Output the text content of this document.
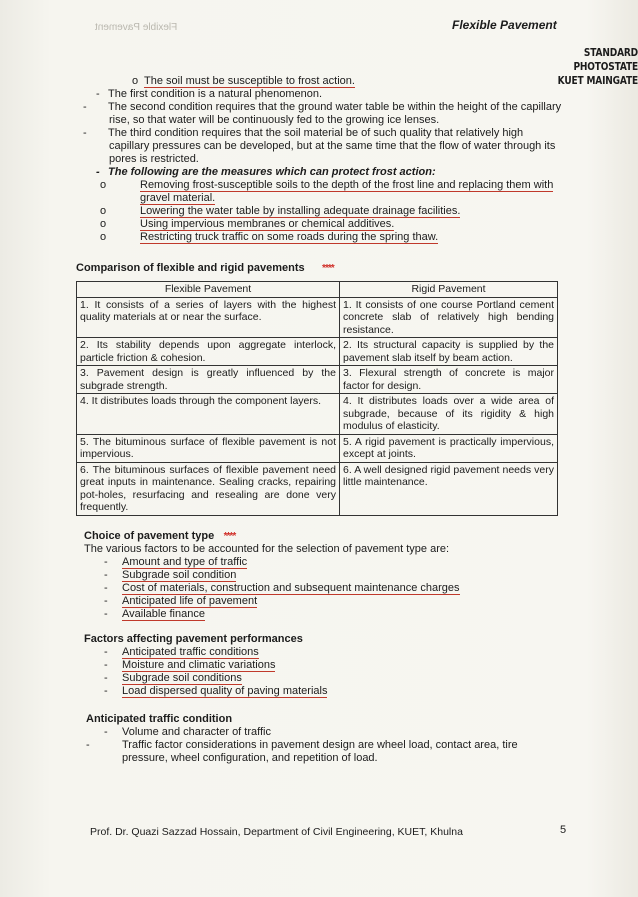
Flexible Pavement	Flexible Pavement
STANDARD PHOTOSTATE
KUET MAINGATE
o The soil must be susceptible to frost action.
- The first condition is a natural phenomenon.
- The second condition requires that the ground water table be within the height of the capillary rise, so that water will be continuously fed to the growing ice lenses.
- The third condition requires that the soil material be of such quality that relatively high capillary pressures can be developed, but at the same time that the flow of water through its pores is restricted.
- The following are the measures which can protect frost action:
o	Removing frost-susceptible soils to the depth of the frost line and replacing them with gravel material.
o	Lowering the water table by installing adequate drainage facilities.
o	Using impervious membranes or chemical additives.
o	Restricting truck traffic on some roads during the spring thaw.
Comparison of flexible and rigid pavements ****
Flexible Pavement	Rigid Pavement
1. It consists of a series of layers with the highest quality materials at or near the surface.	1. It consists of one course Portland cement concrete slab of relatively high bending resistance.
2. Its stability depends upon aggregate interlock, particle friction & cohesion.	2. Its structural capacity is supplied by the pavement slab itself by beam action.
3. Pavement design is greatly influenced by the subgrade strength.	3. Flexural strength of concrete is major factor for design.
4. It distributes loads through the component layers.	4. It distributes loads over a wide area of subgrade, because of its rigidity & high modulus of elasticity.
5. The bituminous surface of flexible pavement is not impervious.	5. A rigid pavement is practically impervious, except at joints.
6. The bituminous surfaces of flexible pavement need great inputs in maintenance. Sealing cracks, repairing pot-holes, resurfacing and resealing are done very frequently.	6. A well designed rigid pavement needs very little maintenance.
Choice of pavement type ****
The various factors to be accounted for the selection of pavement type are:
- Amount and type of traffic
- Subgrade soil condition
- Cost of materials, construction and subsequent maintenance charges
- Anticipated life of pavement
- Available finance
Factors affecting pavement performances
- Anticipated traffic conditions
- Moisture and climatic variations
- Subgrade soil conditions
- Load dispersed quality of paving materials
Anticipated traffic condition
- Volume and character of traffic
-	Traffic factor considerations in pavement design are wheel load, contact area, tire pressure, wheel configuration, and repetition of load.
Prof. Dr. Quazi Sazzad Hossain, Department of Civil Engineering, KUET, Khulna	5
